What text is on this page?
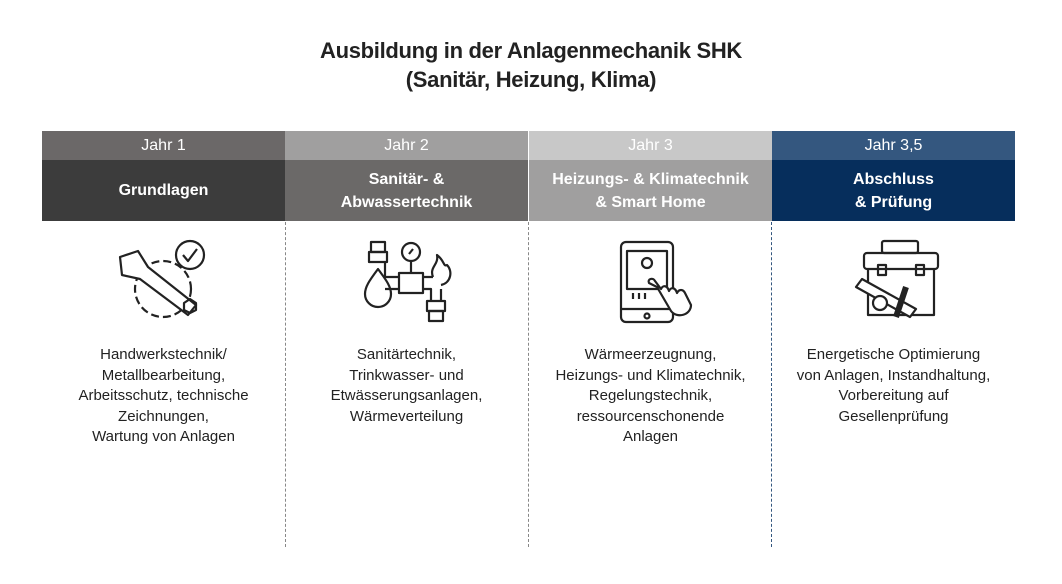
Ausbildung in der Anlagenmechanik SHK
(Sanitär, Heizung, Klima)
Jahr 1
Grundlagen
Handwerkstechnik/
Metallbearbeitung,
Arbeitsschutz, technische
Zeichnungen,
Wartung von Anlagen
Jahr 2
Sanitär- &
Abwassertechnik
Sanitärtechnik,
Trinkwasser- und
Etwässerungsanlagen,
Wärmeverteilung
Jahr 3
Heizungs- & Klimatechnik
& Smart Home
Wärmeerzeugnung,
Heizungs- und Klimatechnik,
Regelungstechnik,
ressourcenschonende
Anlagen
Jahr 3,5
Abschluss
& Prüfung
Energetische Optimierung
von Anlagen, Instandhaltung,
Vorbereitung auf
Gesellenprüfung
